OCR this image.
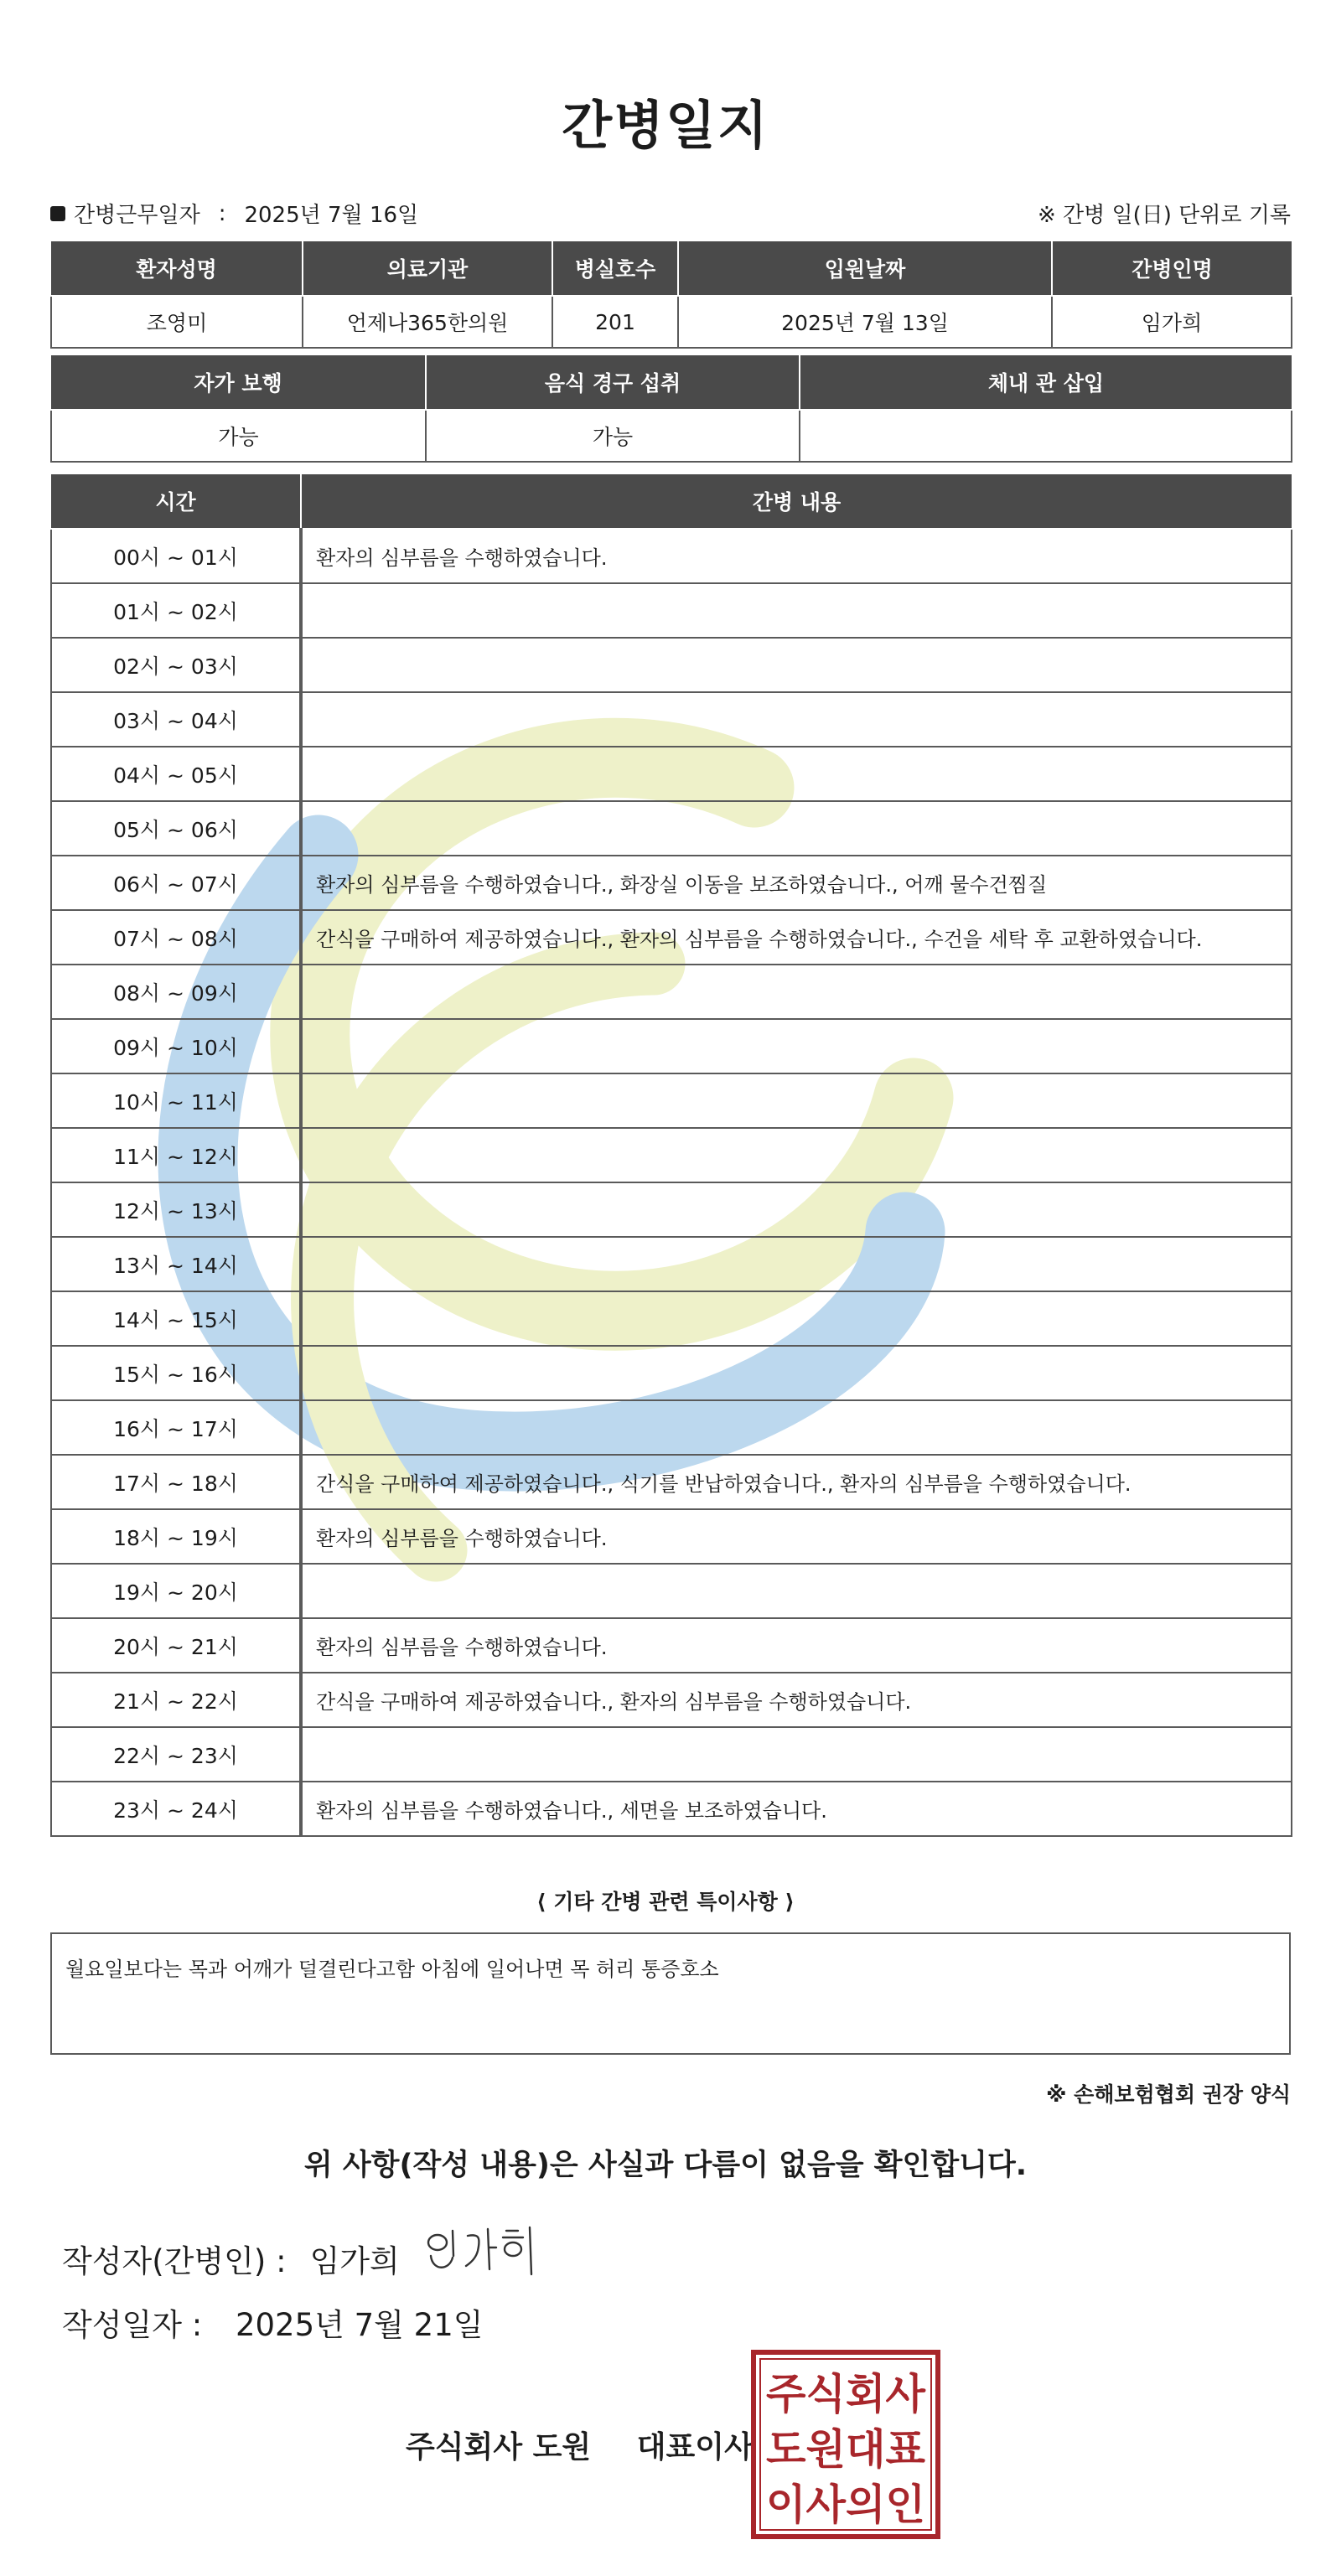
간병일지
간병근무일자 : 2025년 7월 16일	※ 간병 일(日) 단위로 기록
환자성명	의료기관	병실호수	입원날짜	간병인명
조영미	언제나365한의원	201	2025년 7월 13일	임가희
자가 보행	음식 경구 섭취	체내 관 삽입
가능	가능	
시간	간병 내용
00시 ~ 01시	환자의 심부름을 수행하였습니다.
01시 ~ 02시	
02시 ~ 03시	
03시 ~ 04시	
04시 ~ 05시	
05시 ~ 06시	
06시 ~ 07시	환자의 심부름을 수행하였습니다., 화장실 이동을 보조하였습니다., 어깨 물수건찜질
07시 ~ 08시	간식을 구매하여 제공하였습니다., 환자의 심부름을 수행하였습니다., 수건을 세탁 후 교환하였습니다.
08시 ~ 09시	
09시 ~ 10시	
10시 ~ 11시	
11시 ~ 12시	
12시 ~ 13시	
13시 ~ 14시	
14시 ~ 15시	
15시 ~ 16시	
16시 ~ 17시	
17시 ~ 18시	간식을 구매하여 제공하였습니다., 식기를 반납하였습니다., 환자의 심부름을 수행하였습니다.
18시 ~ 19시	환자의 심부름을 수행하였습니다.
19시 ~ 20시	
20시 ~ 21시	환자의 심부름을 수행하였습니다.
21시 ~ 22시	간식을 구매하여 제공하였습니다., 환자의 심부름을 수행하였습니다.
22시 ~ 23시	
23시 ~ 24시	환자의 심부름을 수행하였습니다., 세면을 보조하였습니다.
⟨ 기타 간병 관련 특이사항 ⟩
월요일보다는 목과 어깨가 덜결린다고함 아침에 일어나면 목 허리 통증호소
※ 손해보험협회 권장 양식
위 사항(작성 내용)은 사실과 다름이 없음을 확인합니다.
작성자(간병인) : 임가희
작성일자 : 2025년 7월 21일
주식회사 도원 대표이사
주식회사
도원대표
이사의인
